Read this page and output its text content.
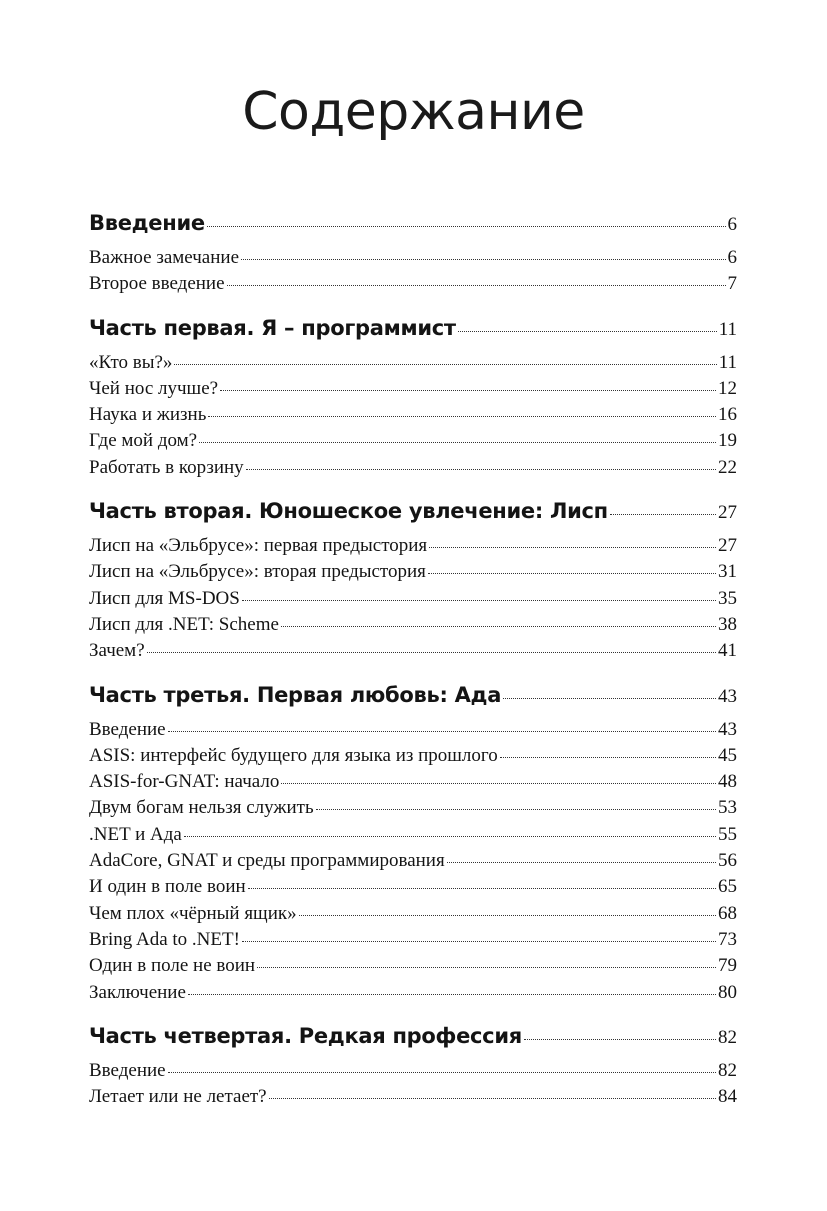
Содержание
Введение	6
Важное замечание	6
Второе введение	7
Часть первая. Я – программист	11
«Кто вы?»	11
Чей нос лучше?	12
Наука и жизнь	16
Где мой дом?	19
Работать в корзину	22
Часть вторая. Юношеское увлечение: Лисп	27
Лисп на «Эльбрусе»: первая предыстория	27
Лисп на «Эльбрусе»: вторая предыстория	31
Лисп для MS-DOS	35
Лисп для .NET: Scheme	38
Зачем?	41
Часть третья. Первая любовь: Ада	43
Введение	43
ASIS: интерфейс будущего для языка из прошлого	45
ASIS-for-GNAT: начало	48
Двум богам нельзя служить	53
.NET и Ада	55
AdaCore, GNAT и среды программирования	56
И один в поле воин	65
Чем плох «чёрный ящик»	68
Bring Ada to .NET!	73
Один в поле не воин	79
Заключение	80
Часть четвертая. Редкая профессия	82
Введение	82
Летает или не летает?	84
